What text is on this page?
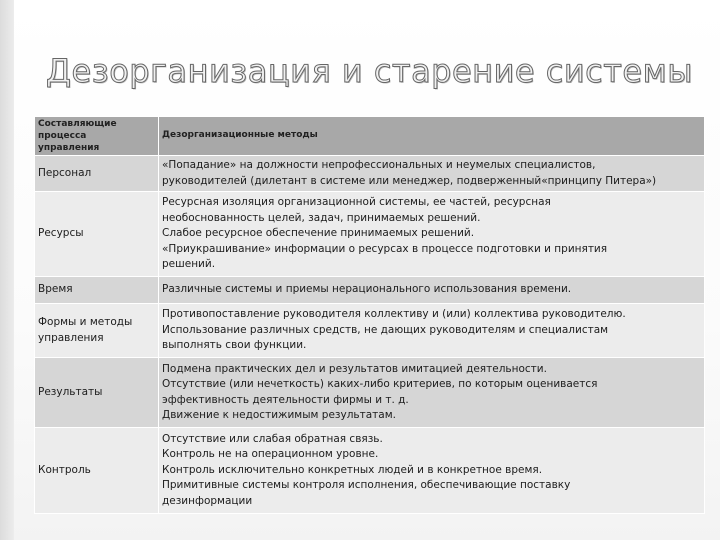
Дезорганизация и старение системы
Составляющие
процесса
управления	Дезорганизационные методы
Персонал	«Попадание» на должности непрофессиональных и неумелых специалистов,
руководителей (дилетант в системе или менеджер, подверженный«принципу Питера»)

Ресурсы	Ресурсная изоляция организационной системы, ее частей, ресурсная
необоснованность целей, задач, принимаемых решений.
Слабое ресурсное обеспечение принимаемых решений.
«Приукрашивание» информации о ресурсах в процессе подготовки и принятия
решений.

Время	Различные системы и приемы нерационального использования времени.

Формы и методы управления	Противопоставление руководителя коллективу и (или) коллектива руководителю.
Использование различных средств, не дающих руководителям и специалистам
выполнять свои функции.

Результаты	Подмена практических дел и результатов имитацией деятельности.
Отсутствие (или нечеткость) каких-либо критериев, по которым оценивается
эффективность деятельности фирмы и т. д.
Движение к недостижимым результатам.

Контроль	Отсутствие или слабая обратная связь.
Контроль не на операционном уровне.
Контроль исключительно конкретных людей и в конкретное время.
Примитивные системы контроля исполнения, обеспечивающие поставку
дезинформации
